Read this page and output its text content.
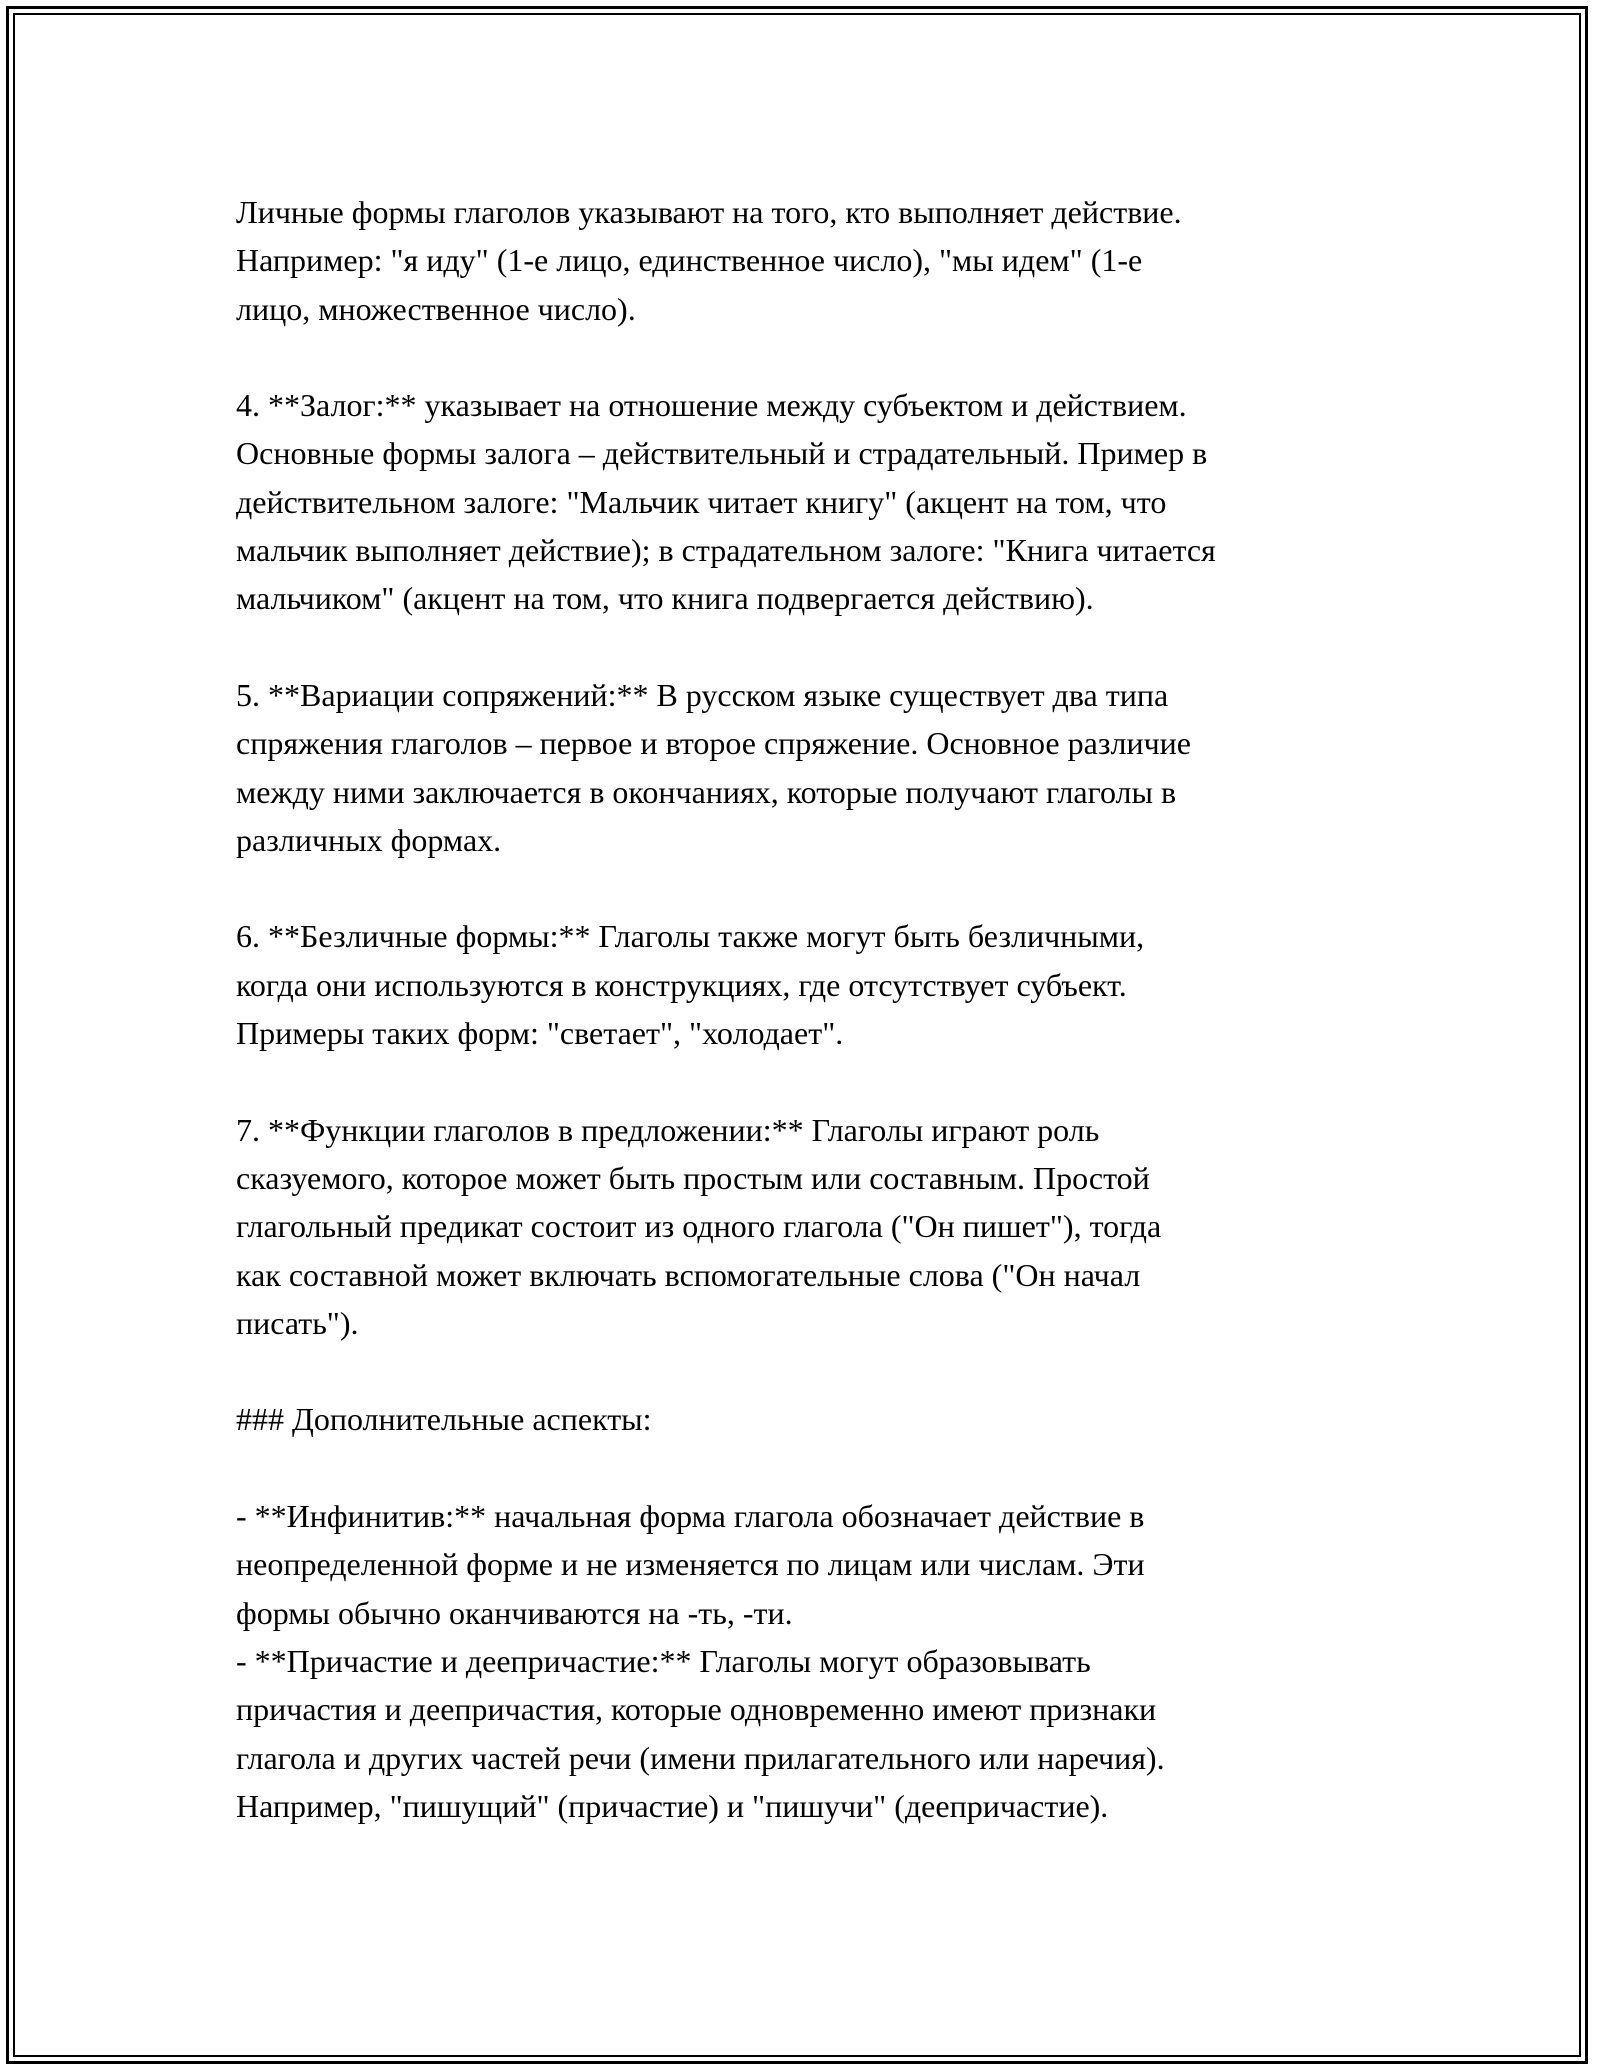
Личные формы глаголов указывают на того, кто выполняет действие.
Например: "я иду" (1-е лицо, единственное число), "мы идем" (1-е
лицо, множественное число).
4. **Залог:** указывает на отношение между субъектом и действием.
Основные формы залога – действительный и страдательный. Пример в
действительном залоге: "Мальчик читает книгу" (акцент на том, что
мальчик выполняет действие); в страдательном залоге: "Книга читается
мальчиком" (акцент на том, что книга подвергается действию).
5. **Вариации сопряжений:** В русском языке существует два типа
спряжения глаголов – первое и второе спряжение. Основное различие
между ними заключается в окончаниях, которые получают глаголы в
различных формах.
6. **Безличные формы:** Глаголы также могут быть безличными,
когда они используются в конструкциях, где отсутствует субъект.
Примеры таких форм: "светает", "холодает".
7. **Функции глаголов в предложении:** Глаголы играют роль
сказуемого, которое может быть простым или составным. Простой
глагольный предикат состоит из одного глагола ("Он пишет"), тогда
как составной может включать вспомогательные слова ("Он начал
писать").
### Дополнительные аспекты:
- **Инфинитив:** начальная форма глагола обозначает действие в
неопределенной форме и не изменяется по лицам или числам. Эти
формы обычно оканчиваются на -ть, -ти.
- **Причастие и деепричастие:** Глаголы могут образовывать
причастия и деепричастия, которые одновременно имеют признаки
глагола и других частей речи (имени прилагательного или наречия).
Например, "пишущий" (причастие) и "пишучи" (деепричастие).
